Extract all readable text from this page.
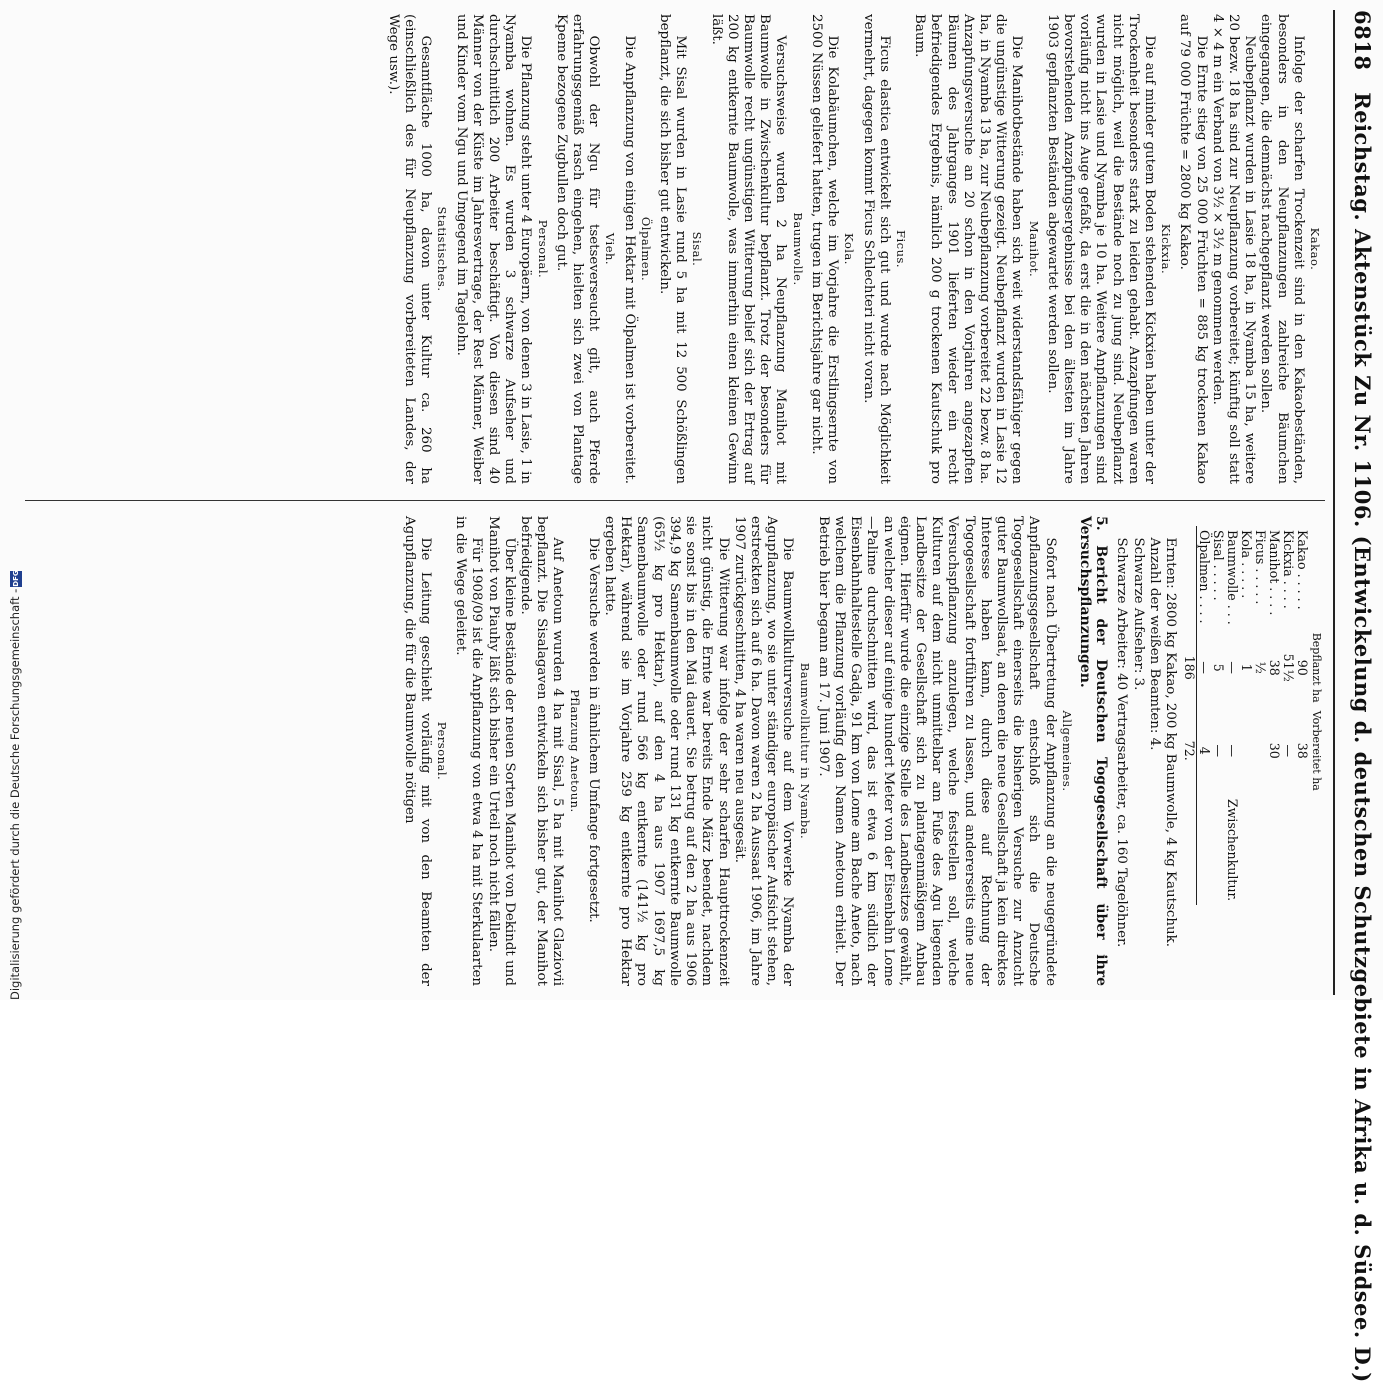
6818 Reichstag. Aktenstück Zu Nr. 1106. (Entwickelung d. deutschen Schutzgebiete in Afrika u. d. Südsee. D.)
Kakao.

Infolge der scharfen Trockenzeit sind in den Kakaobeständen, besonders in den Neupflanzungen zahlreiche Bäumchen eingegangen, die demnächst nachgepflanzt werden sollen.

Neubepflanzt wurden in Lasie 18 ha, in Nyamba 15 ha, weitere 20 bezw. 18 ha sind zur Neupflanzung vorbereitet; künftig soll statt 4 × 4 m ein Verband von 3½ × 3½ m genommen werden.

Die Ernte stieg von 25 000 Früchten = 885 kg trockenen Kakao auf 79 000 Früchte = 2800 kg Kakao.

Kickxia.

Die auf minder gutem Boden stehenden Kickxien haben unter der Trockenheit besonders stark zu leiden gehabt. Anzapfungen waren nicht möglich, weil die Bestände noch zu jung sind. Neubepflanzt wurden in Lasie und Nyamba je 10 ha. Weitere Anpflanzungen sind vorläufig nicht ins Auge gefaßt, da erst die in den nächsten Jahren bevorstehenden Anzapfungsergebnisse bei den ältesten im Jahre 1903 gepflanzten Beständen abgewartet werden sollen.

Manihot.

Die Manihotbestände haben sich weit widerstandsfähiger gegen die ungünstige Witterung gezeigt. Neubepflanzt wurden in Lasie 12 ha, in Nyamba 13 ha, zur Neubepflanzung vorbereitet 22 bezw. 8 ha. Anzapfungsversuche an 20 schon in den Vorjahren angezapften Bäumen des Jahrganges 1901 lieferten wieder ein recht befriedigendes Ergebnis, nämlich 200 g trockenen Kautschuk pro Baum.

Ficus.

Ficus elastica entwickelt sich gut und wurde nach Möglichkeit vermehrt, dagegen kommt Ficus Schlechteri nicht voran.

Kola.

Die Kolabäumchen, welche im Vorjahre die Erstlingsernte von 2500 Nüssen geliefert hatten, trugen im Berichtsjahre gar nicht.

Baumwolle.

Versuchsweise wurden 2 ha Neupflanzung Manihot mit Baumwolle in Zwischenkultur bepflanzt. Trotz der besonders für Baumwolle recht ungünstigen Witterung belief sich der Ertrag auf 200 kg entkernte Baumwolle, was immerhin einen kleinen Gewinn läßt.

Sisal.

Mit Sisal wurden in Lasie rund 5 ha mit 12 500 Schößlingen bepflanzt, die sich bisher gut entwickeln.

Ölpalmen.

Die Anpflanzung von einigen Hektar mit Ölpalmen ist vorbereitet.

Vieh.

Obwohl der Ngu für tsetseverseucht gilt, auch Pferde erfahrungsgemäß rasch eingehen, hielten sich zwei von Plantage Kpeme bezogene Zugbullen doch gut.

Personal.

Die Pflanzung steht unter 4 Europäern, von denen 3 in Lasie, 1 in Nyamba wohnen. Es wurden 3 schwarze Aufseher und durchschnittlich 200 Arbeiter beschäftigt. Von diesen sind 40 Männer von der Küste im Jahresvertrage, der Rest Männer, Weiber und Kinder vom Ngu und Umgegend im Tagelohn.

Statistisches.

Gesamtfläche 1000 ha, davon unter Kultur ca. 260 ha (einschließlich des für Neupflanzung vorbereiteten Landes, der Wege usw.).

	Bepflanzt ha	Vorbereitet ha	
Kakao . . . . .	90	38	
Kickxia . . . .	51½	—	
Manihot . . . .	38	30	
Ficus . . . . .	½		
Kola . . . . .	1		
Baumwolle . . .	—	—	Zwischenkultur.
Sisal . . . . .	5	—	
Ölpalmen . . . .	—	4	
	186	72.	

Ernten: 2800 kg Kakao, 200 kg Baumwolle, 4 kg Kautschuk.

Anzahl der weißen Beamten: 4.

Schwarze Aufseher: 3.

Schwarze Arbeiter: 40 Vertragsarbeiter, ca. 160 Tagelöhner.

5. Bericht der Deutschen Togogesellschaft über ihre Versuchspflanzungen.
Allgemeines.

Sofort nach Übertretung der Anpflanzung an die neugegründete Anpflanzungsgesellschaft entschloß sich die Deutsche Togogesellschaft einerseits die bisherigen Versuche zur Anzucht guter Baumwollsaat, an denen die neue Gesellschaft ja kein direktes Interesse haben kann, durch diese auf Rechnung der Togogesellschaft fortführen zu lassen, und andererseits eine neue Versuchspflanzung anzulegen, welche feststellen soll, welche Kulturen auf dem nicht unmittelbar am Fuße des Agu liegenden Landbesitze der Gesellschaft sich zu plantagenmäßigem Anbau eignen. Hierfür wurde die einzige Stelle des Landbesitzes gewählt, an welcher dieser auf einige hundert Meter von der Eisenbahn Lome—Palime durchschnitten wird, das ist etwa 6 km südlich der Eisenbahnhaltestelle Gadja, 91 km von Lome am Bache Aneto, nach welchem die Pflanzung vorläufig den Namen Anetoun erhielt. Der Betrieb hier begann am 17. Juni 1907.

Baumwollkultur in Nyamba.

Die Baumwollkulturversuche auf dem Vorwerke Nyamba der Agupflanzung, wo sie unter ständiger europäischer Aufsicht stehen, erstreckten sich auf 6 ha. Davon waren 2 ha Aussaat 1906, im Jahre 1907 zurückgeschnitten, 4 ha waren neu ausgesät.

Die Witterung war infolge der sehr scharfen Haupttrockenzeit nicht günstig, die Ernte war bereits Ende März beendet, nachdem sie sonst bis in den Mai dauert. Sie betrug auf den 2 ha aus 1906 394,9 kg Samenbaumwolle oder rund 131 kg entkernte Baumwolle (65½ kg pro Hektar), auf den 4 ha aus 1907 1697,5 kg Samenbaumwolle oder rund 566 kg entkernte (141½ kg pro Hektar), während sie im Vorjahre 259 kg entkernte pro Hektar ergeben hatte.

Die Versuche werden in ähnlichem Umfange fortgesetzt.

Pflanzung Anetoun.

Auf Anetoun wurden 4 ha mit Sisal, 5 ha mit Manihot Glaziovii bepflanzt. Die Sisalagaven entwickeln sich bisher gut, der Manihot befriedigende.

Über kleine Bestände der neuen Sorten Manihot von Dekindt und Manihot von Piauhy läßt sich bisher ein Urteil noch nicht fällen.

Für 1908/09 ist die Anpflanzung von etwa 4 ha mit Sterkulaarten in die Wege geleitet.

Personal.

Die Leitung geschieht vorläufig mit von den Beamten der Agupflanzung, die für die Baumwolle nötigen

Digitalisierung gefördert durch die Deutsche Forschungsgemeinschaft -
DFG
